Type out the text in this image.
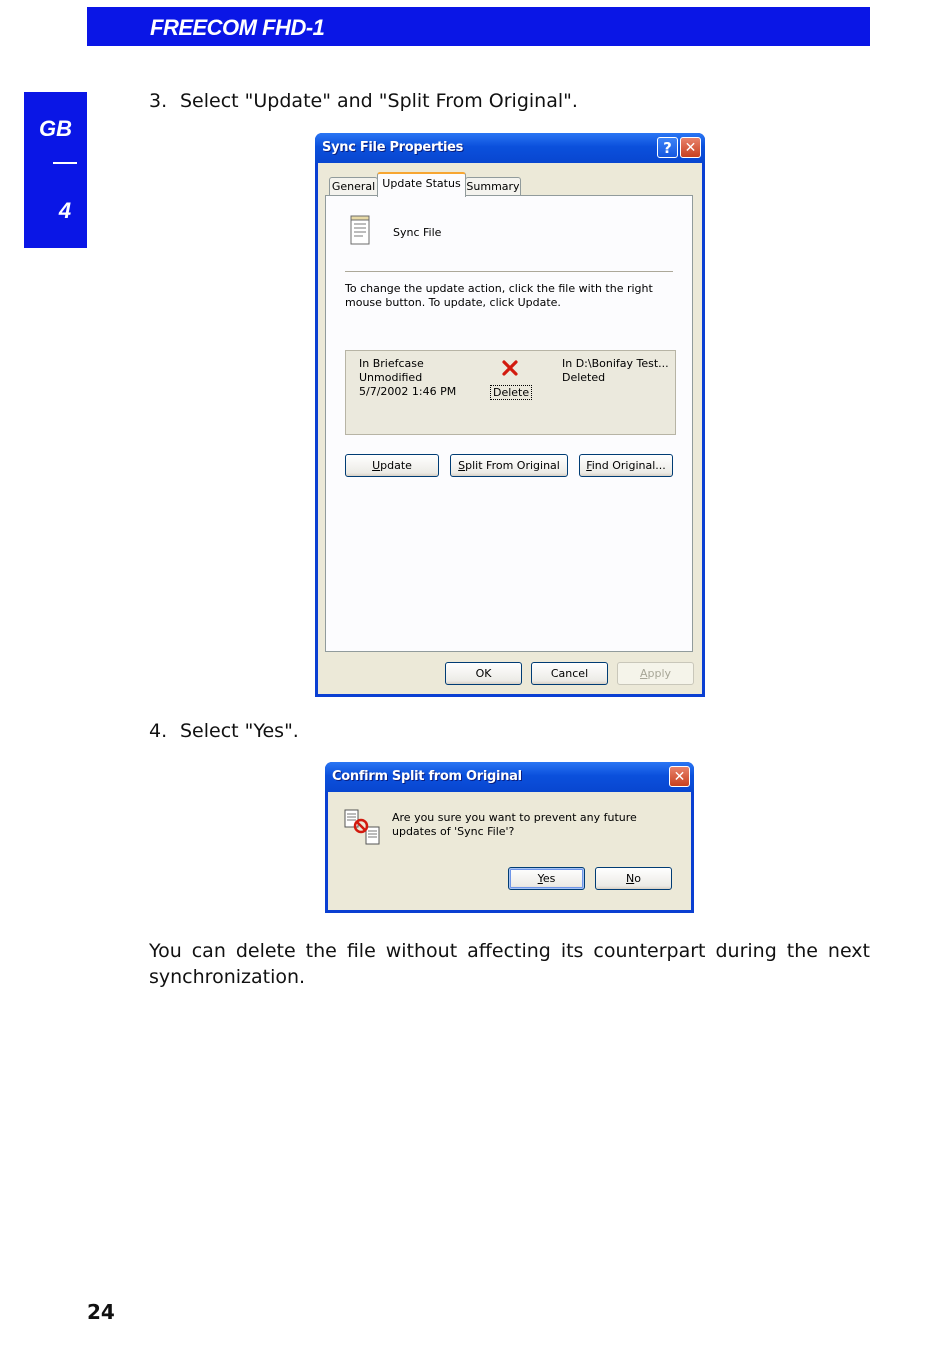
FREECOM FHD-1
GB
4
3. Select "Update" and "Split From Original".
Sync File Properties	? ✕
General Update Status Summary
Sync File
To change the update action, click the file with the right mouse button. To update, click Update.
In Briefcase
Unmodified
5/7/2002 1:46 PM	Delete
In D:\Bonifay Test...
Deleted
Update	Split From Original	Find Original...
OK	Cancel	Apply
4. Select "Yes".
Confirm Split from Original	✕
Are you sure you want to prevent any future updates of 'Sync File'?
Yes	No
You can delete the file without affecting its counterpart during the next synchronization.
24
